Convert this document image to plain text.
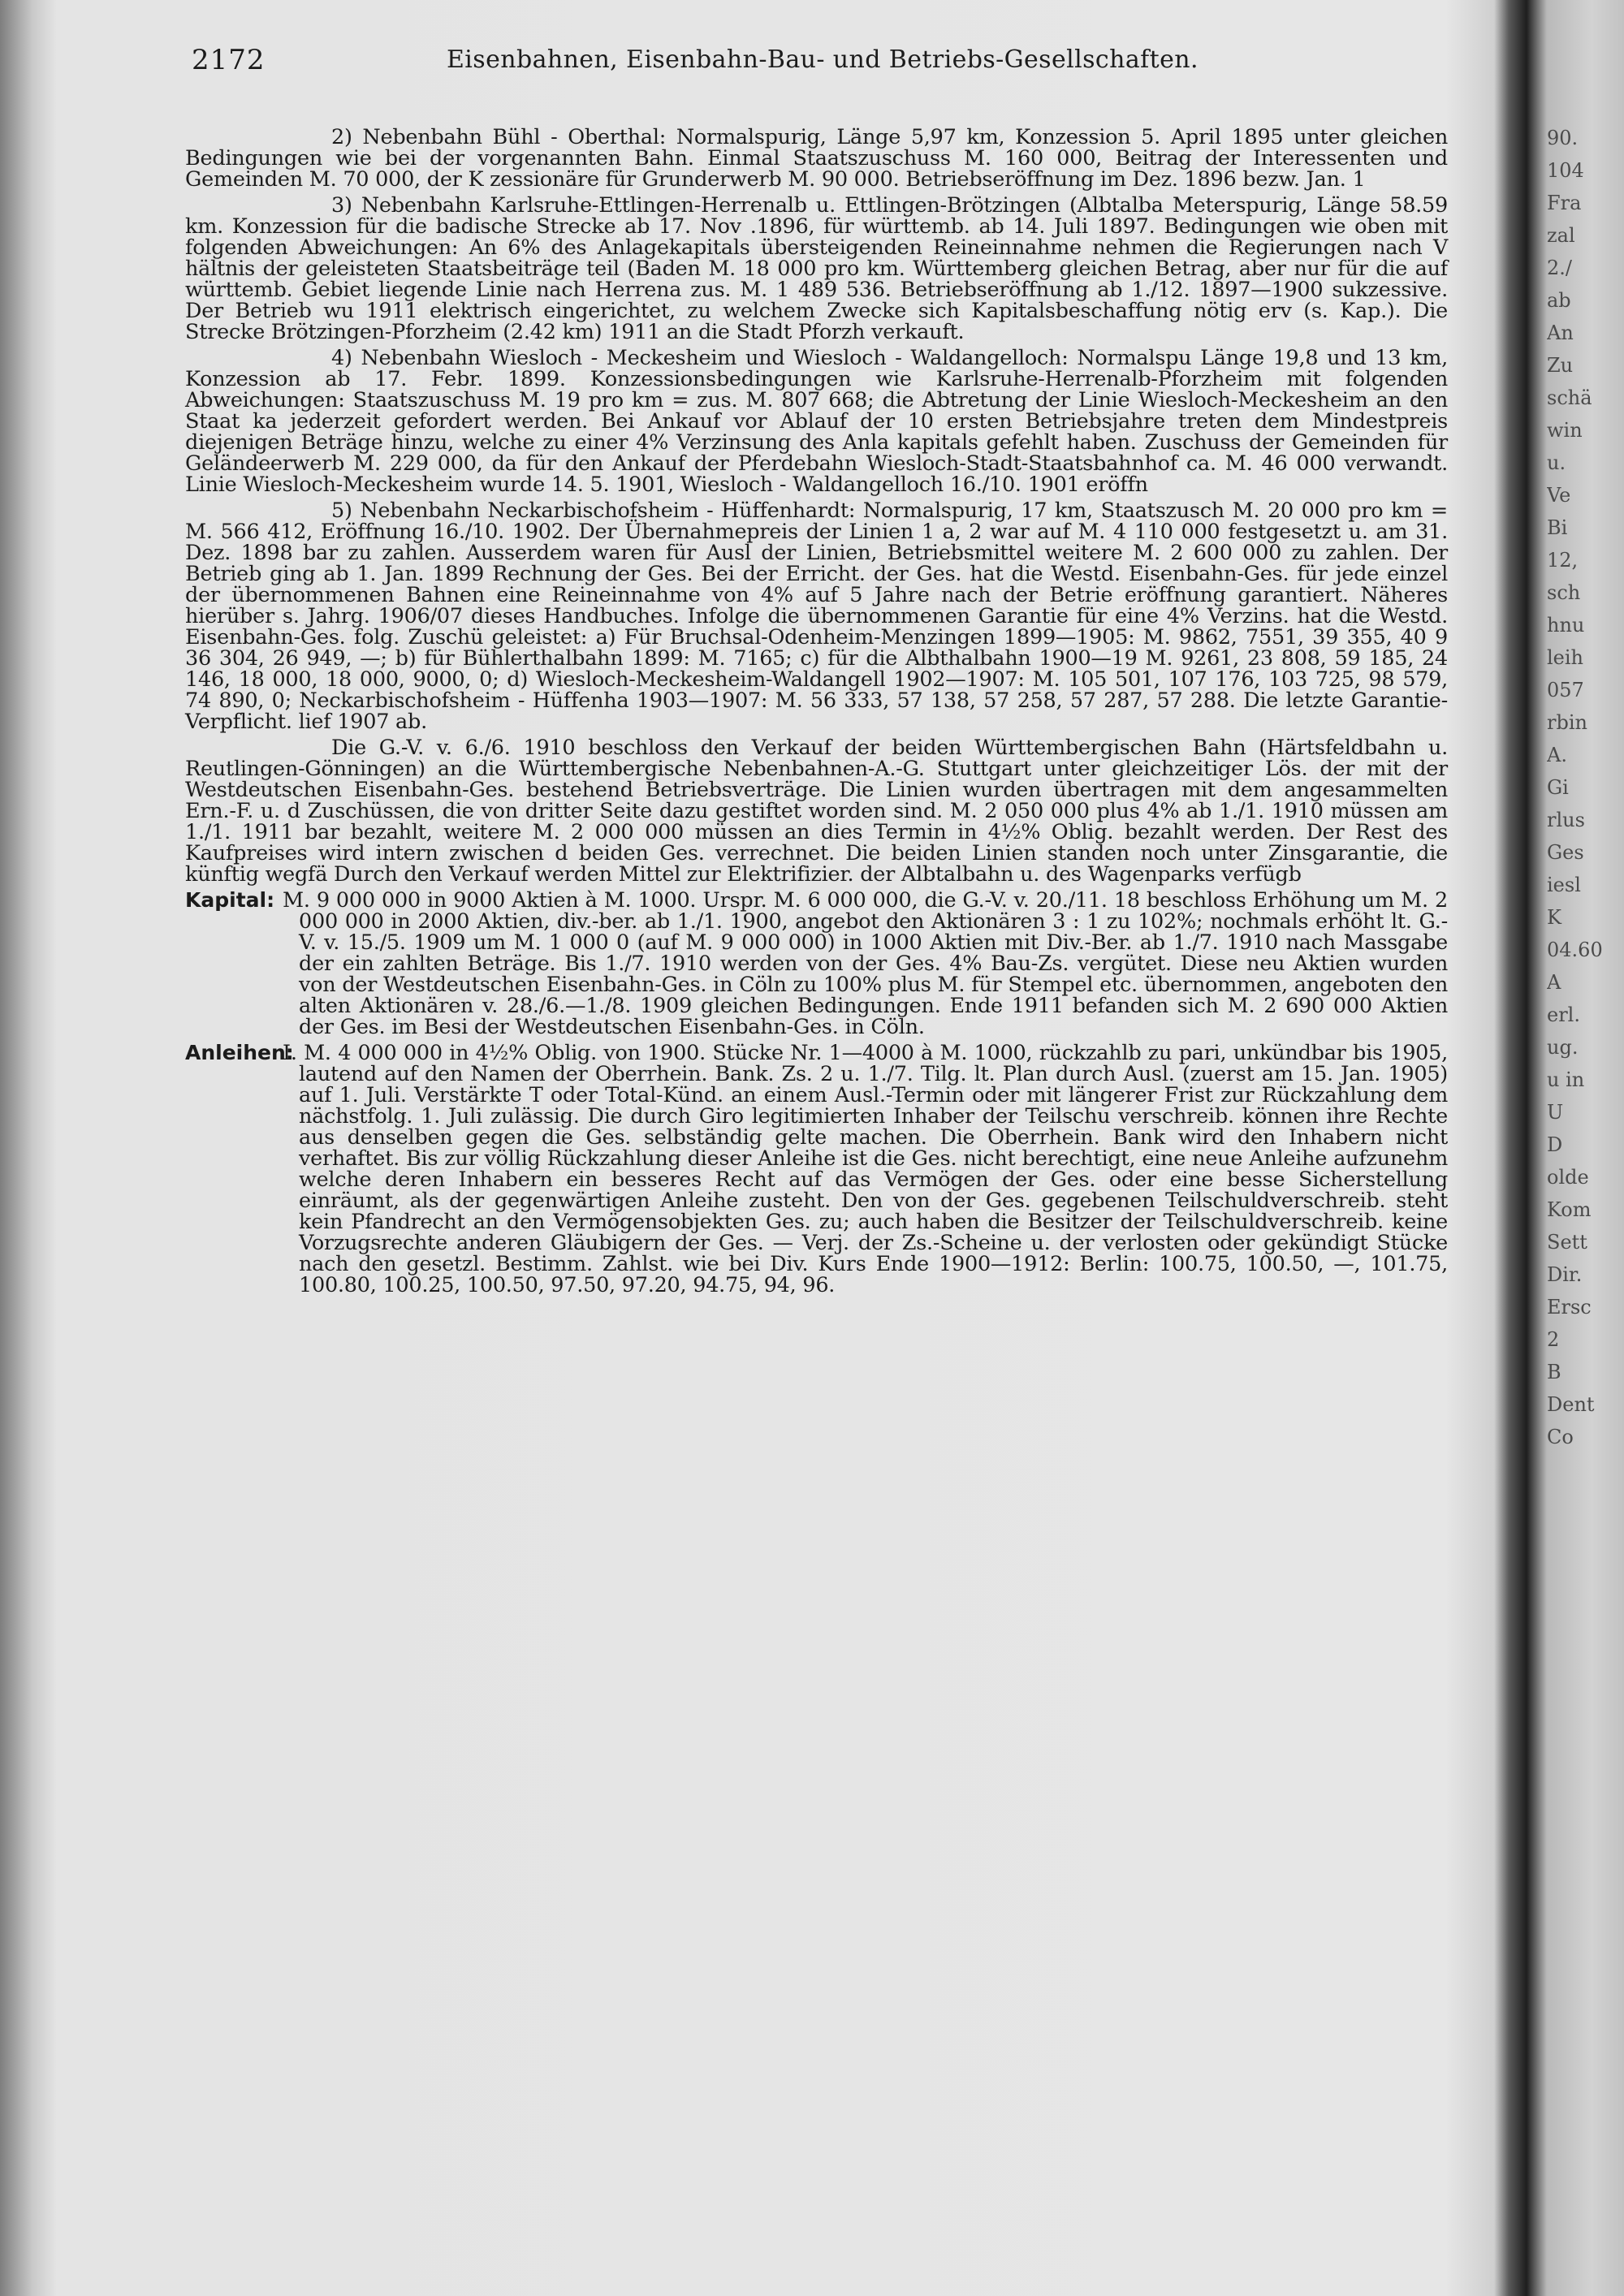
2172	Eisenbahnen, Eisenbahn-Bau- und Betriebs-Gesellschaften.

2) Nebenbahn Bühl - Oberthal: Normalspurig, Länge 5,97 km, Konzession 5. April 1895 unter gleichen Bedingungen wie bei der vorgenannten Bahn. Einmal Staatszuschuss M. 160 000, Beitrag der Interessenten und Gemeinden M. 70 000, der K zessionäre für Grunderwerb M. 90 000. Betriebseröffnung im Dez. 1896 bezw. Jan. 1

3) Nebenbahn Karlsruhe-Ettlingen-Herrenalb u. Ettlingen-Brötzingen (Albtalba Meterspurig, Länge 58.59 km. Konzession für die badische Strecke ab 17. Nov .1896, für württemb. ab 14. Juli 1897. Bedingungen wie oben mit folgenden Abweichungen: An 6% des Anlagekapitals übersteigenden Reineinnahme nehmen die Regierungen nach V hältnis der geleisteten Staatsbeiträge teil (Baden M. 18 000 pro km. Württemberg gleichen Betrag, aber nur für die auf württemb. Gebiet liegende Linie nach Herrena zus. M. 1 489 536. Betriebseröffnung ab 1./12. 1897—1900 sukzessive. Der Betrieb wu 1911 elektrisch eingerichtet, zu welchem Zwecke sich Kapitalsbeschaffung nötig erv (s. Kap.). Die Strecke Brötzingen-Pforzheim (2.42 km) 1911 an die Stadt Pforzh verkauft.

4) Nebenbahn Wiesloch - Meckesheim und Wiesloch - Waldangelloch: Normalspu Länge 19,8 und 13 km, Konzession ab 17. Febr. 1899. Konzessionsbedingungen wie Karlsruhe-Herrenalb-Pforzheim mit folgenden Abweichungen: Staatszuschuss M. 19 pro km = zus. M. 807 668; die Abtretung der Linie Wiesloch-Meckesheim an den Staat ka jederzeit gefordert werden. Bei Ankauf vor Ablauf der 10 ersten Betriebsjahre treten dem Mindestpreis diejenigen Beträge hinzu, welche zu einer 4% Verzinsung des Anla kapitals gefehlt haben. Zuschuss der Gemeinden für Geländeerwerb M. 229 000, da für den Ankauf der Pferdebahn Wiesloch-Stadt-Staatsbahnhof ca. M. 46 000 verwandt. Linie Wiesloch-Meckesheim wurde 14. 5. 1901, Wiesloch - Waldangelloch 16./10. 1901 eröffn

5) Nebenbahn Neckarbischofsheim - Hüffenhardt: Normalspurig, 17 km, Staatszusch M. 20 000 pro km = M. 566 412, Eröffnung 16./10. 1902. Der Übernahmepreis der Linien 1 a, 2 war auf M. 4 110 000 festgesetzt u. am 31. Dez. 1898 bar zu zahlen. Ausserdem waren für Ausl der Linien, Betriebsmittel weitere M. 2 600 000 zu zahlen. Der Betrieb ging ab 1. Jan. 1899 Rechnung der Ges. Bei der Erricht. der Ges. hat die Westd. Eisenbahn-Ges. für jede einzel der übernommenen Bahnen eine Reineinnahme von 4% auf 5 Jahre nach der Betrie eröffnung garantiert. Näheres hierüber s. Jahrg. 1906/07 dieses Handbuches. Infolge die übernommenen Garantie für eine 4% Verzins. hat die Westd. Eisenbahn-Ges. folg. Zuschü geleistet: a) Für Bruchsal-Odenheim-Menzingen 1899—1905: M. 9862, 7551, 39 355, 40 9 36 304, 26 949, —; b) für Bühlerthalbahn 1899: M. 7165; c) für die Albthalbahn 1900—19 M. 9261, 23 808, 59 185, 24 146, 18 000, 18 000, 9000, 0; d) Wiesloch-Meckesheim-Waldangell 1902—1907: M. 105 501, 107 176, 103 725, 98 579, 74 890, 0; Neckarbischofsheim - Hüffenha 1903—1907: M. 56 333, 57 138, 57 258, 57 287, 57 288. Die letzte Garantie-Verpflicht. lief 1907 ab.

Die G.-V. v. 6./6. 1910 beschloss den Verkauf der beiden Württembergischen Bahn (Härtsfeldbahn u. Reutlingen-Gönningen) an die Württembergische Nebenbahnen-A.-G. Stuttgart unter gleichzeitiger Lös. der mit der Westdeutschen Eisenbahn-Ges. bestehend Betriebsverträge. Die Linien wurden übertragen mit dem angesammelten Ern.-F. u. d Zuschüssen, die von dritter Seite dazu gestiftet worden sind. M. 2 050 000 plus 4% ab 1./1. 1910 müssen am 1./1. 1911 bar bezahlt, weitere M. 2 000 000 müssen an dies Termin in 4½% Oblig. bezahlt werden. Der Rest des Kaufpreises wird intern zwischen d beiden Ges. verrechnet. Die beiden Linien standen noch unter Zinsgarantie, die künftig wegfä Durch den Verkauf werden Mittel zur Elektrifizier. der Albtalbahn u. des Wagenparks verfügb

Kapital: M. 9 000 000 in 9000 Aktien à M. 1000. Urspr. M. 6 000 000, die G.-V. v. 20./11. 18 beschloss Erhöhung um M. 2 000 000 in 2000 Aktien, div.-ber. ab 1./1. 1900, angebot den Aktionären 3 : 1 zu 102%; nochmals erhöht lt. G.-V. v. 15./5. 1909 um M. 1 000 0 (auf M. 9 000 000) in 1000 Aktien mit Div.-Ber. ab 1./7. 1910 nach Massgabe der ein zahlten Beträge. Bis 1./7. 1910 werden von der Ges. 4% Bau-Zs. vergütet. Diese neu Aktien wurden von der Westdeutschen Eisenbahn-Ges. in Cöln zu 100% plus M. für Stempel etc. übernommen, angeboten den alten Aktionären v. 28./6.—1./8. 1909 gleichen Bedingungen. Ende 1911 befanden sich M. 2 690 000 Aktien der Ges. im Besi der Westdeutschen Eisenbahn-Ges. in Cöln.

Anleihen:I. M. 4 000 000 in 4½% Oblig. von 1900. Stücke Nr. 1—4000 à M. 1000, rückzahlb zu pari, unkündbar bis 1905, lautend auf den Namen der Oberrhein. Bank. Zs. 2 u. 1./7. Tilg. lt. Plan durch Ausl. (zuerst am 15. Jan. 1905) auf 1. Juli. Verstärkte T oder Total-Künd. an einem Ausl.-Termin oder mit längerer Frist zur Rückzahlung dem nächstfolg. 1. Juli zulässig. Die durch Giro legitimierten Inhaber der Teilschu verschreib. können ihre Rechte aus denselben gegen die Ges. selbständig gelte machen. Die Oberrhein. Bank wird den Inhabern nicht verhaftet. Bis zur völlig Rückzahlung dieser Anleihe ist die Ges. nicht berechtigt, eine neue Anleihe aufzunehm welche deren Inhabern ein besseres Recht auf das Vermögen der Ges. oder eine besse Sicherstellung einräumt, als der gegenwärtigen Anleihe zusteht. Den von der Ges. gegebenen Teilschuldverschreib. steht kein Pfandrecht an den Vermögensobjekten Ges. zu; auch haben die Besitzer der Teilschuldverschreib. keine Vorzugsrechte anderen Gläubigern der Ges. — Verj. der Zs.-Scheine u. der verlosten oder gekündigt Stücke nach den gesetzl. Bestimm. Zahlst. wie bei Div. Kurs Ende 1900—1912: Berlin: 100.75, 100.50, —, 101.75, 100.80, 100.25, 100.50, 97.50, 97.20, 94.75, 94, 96.

90.
104
Fra
zal
2./
ab
An
Zu
schä
win
u.
Ve
Bi
12,
sch
hnu
leih
057
rbin
A.
Gi
rlus
Ges
iesl
K
04.60
A
erl.
ug.
u in
U
D
olde
Kom
Sett
Dir.
Ersc
2
B
Dent
Co
